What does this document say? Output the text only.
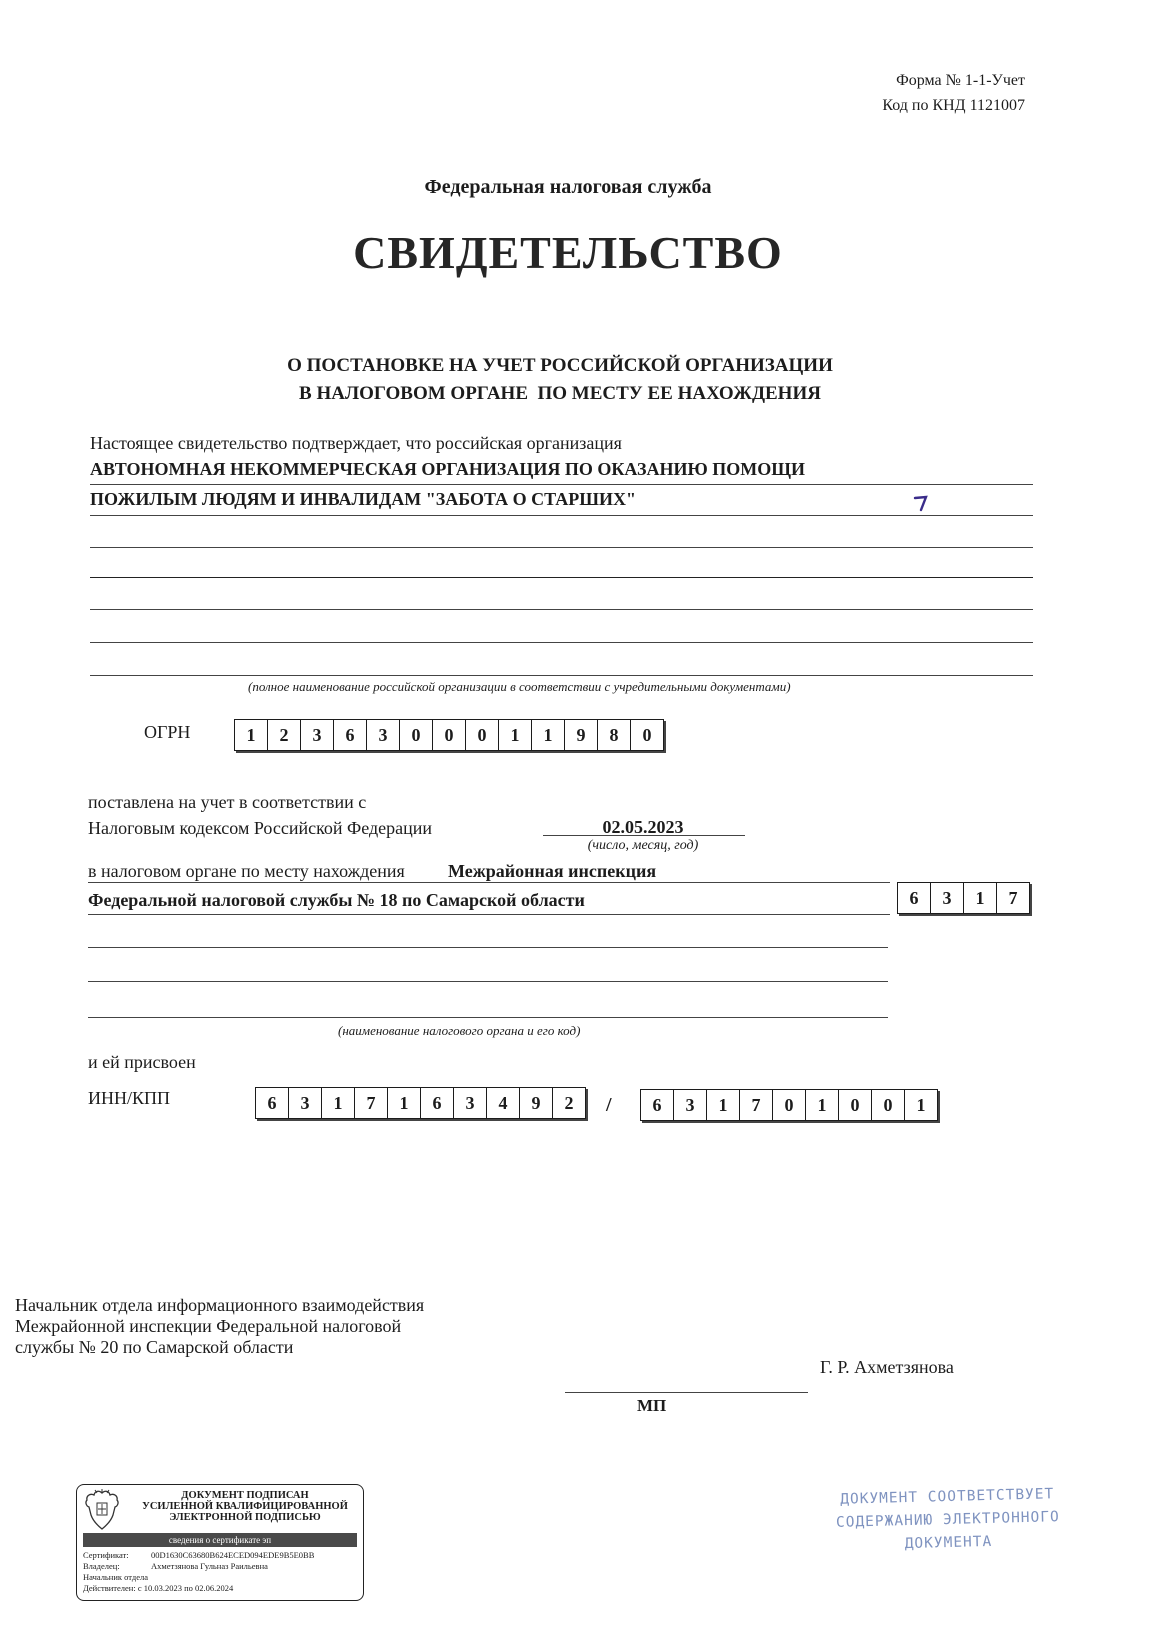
Форма № 1-1-Учет
Код по КНД 1121007
Федеральная налоговая служба
СВИДЕТЕЛЬСТВО
О ПОСТАНОВКЕ НА УЧЕТ РОССИЙСКОЙ ОРГАНИЗАЦИИ
В НАЛОГОВОМ ОРГАНЕ  ПО МЕСТУ ЕЕ НАХОЖДЕНИЯ
Настоящее свидетельство подтверждает, что российская организация
АВТОНОМНАЯ НЕКОММЕРЧЕСКАЯ ОРГАНИЗАЦИЯ ПО ОКАЗАНИЮ ПОМОЩИ
ПОЖИЛЫМ ЛЮДЯМ И ИНВАЛИДАМ "ЗАБОТА О СТАРШИХ"
(полное наименование российской организации в соответствии с учредительными документами)
ОГРН	1	2	3	6	3	0	0	0	1	1	9	8	0
поставлена на учет в соответствии с
Налоговым кодексом Российской Федерации	02.05.2023
(число, месяц, год)
в налоговом органе по месту нахождения Межрайонная инспекция
Федеральной налоговой службы № 18 по Самарской области	6	3	1	7
(наименование налогового органа и его код)
и ей присвоен
ИНН/КПП	6	3	1	7	1	6	3	4	9	2	/	6	3	1	7	0	1	0	0	1
Начальник отдела информационного взаимодействия
Межрайонной инспекции Федеральной налоговой
службы № 20 по Самарской области
Г. Р. Ахметзянова
МП
ДОКУМЕНТ ПОДПИСАН
УСИЛЕННОЙ КВАЛИФИЦИРОВАННОЙ
ЭЛЕКТРОННОЙ ПОДПИСЬЮ
сведения о сертификате эп
Сертификат:	00D1630C63680B624ECED094EDE9B5E0BB
Владелец:	Ахметзянова Гульназ Раильевна
Начальник отдела
Действителен: с 10.03.2023 по 02.06.2024
ДОКУМЕНТ СООТВЕТСТВУЕТ
СОДЕРЖАНИЮ ЭЛЕКТРОННОГО
ДОКУМЕНТА
